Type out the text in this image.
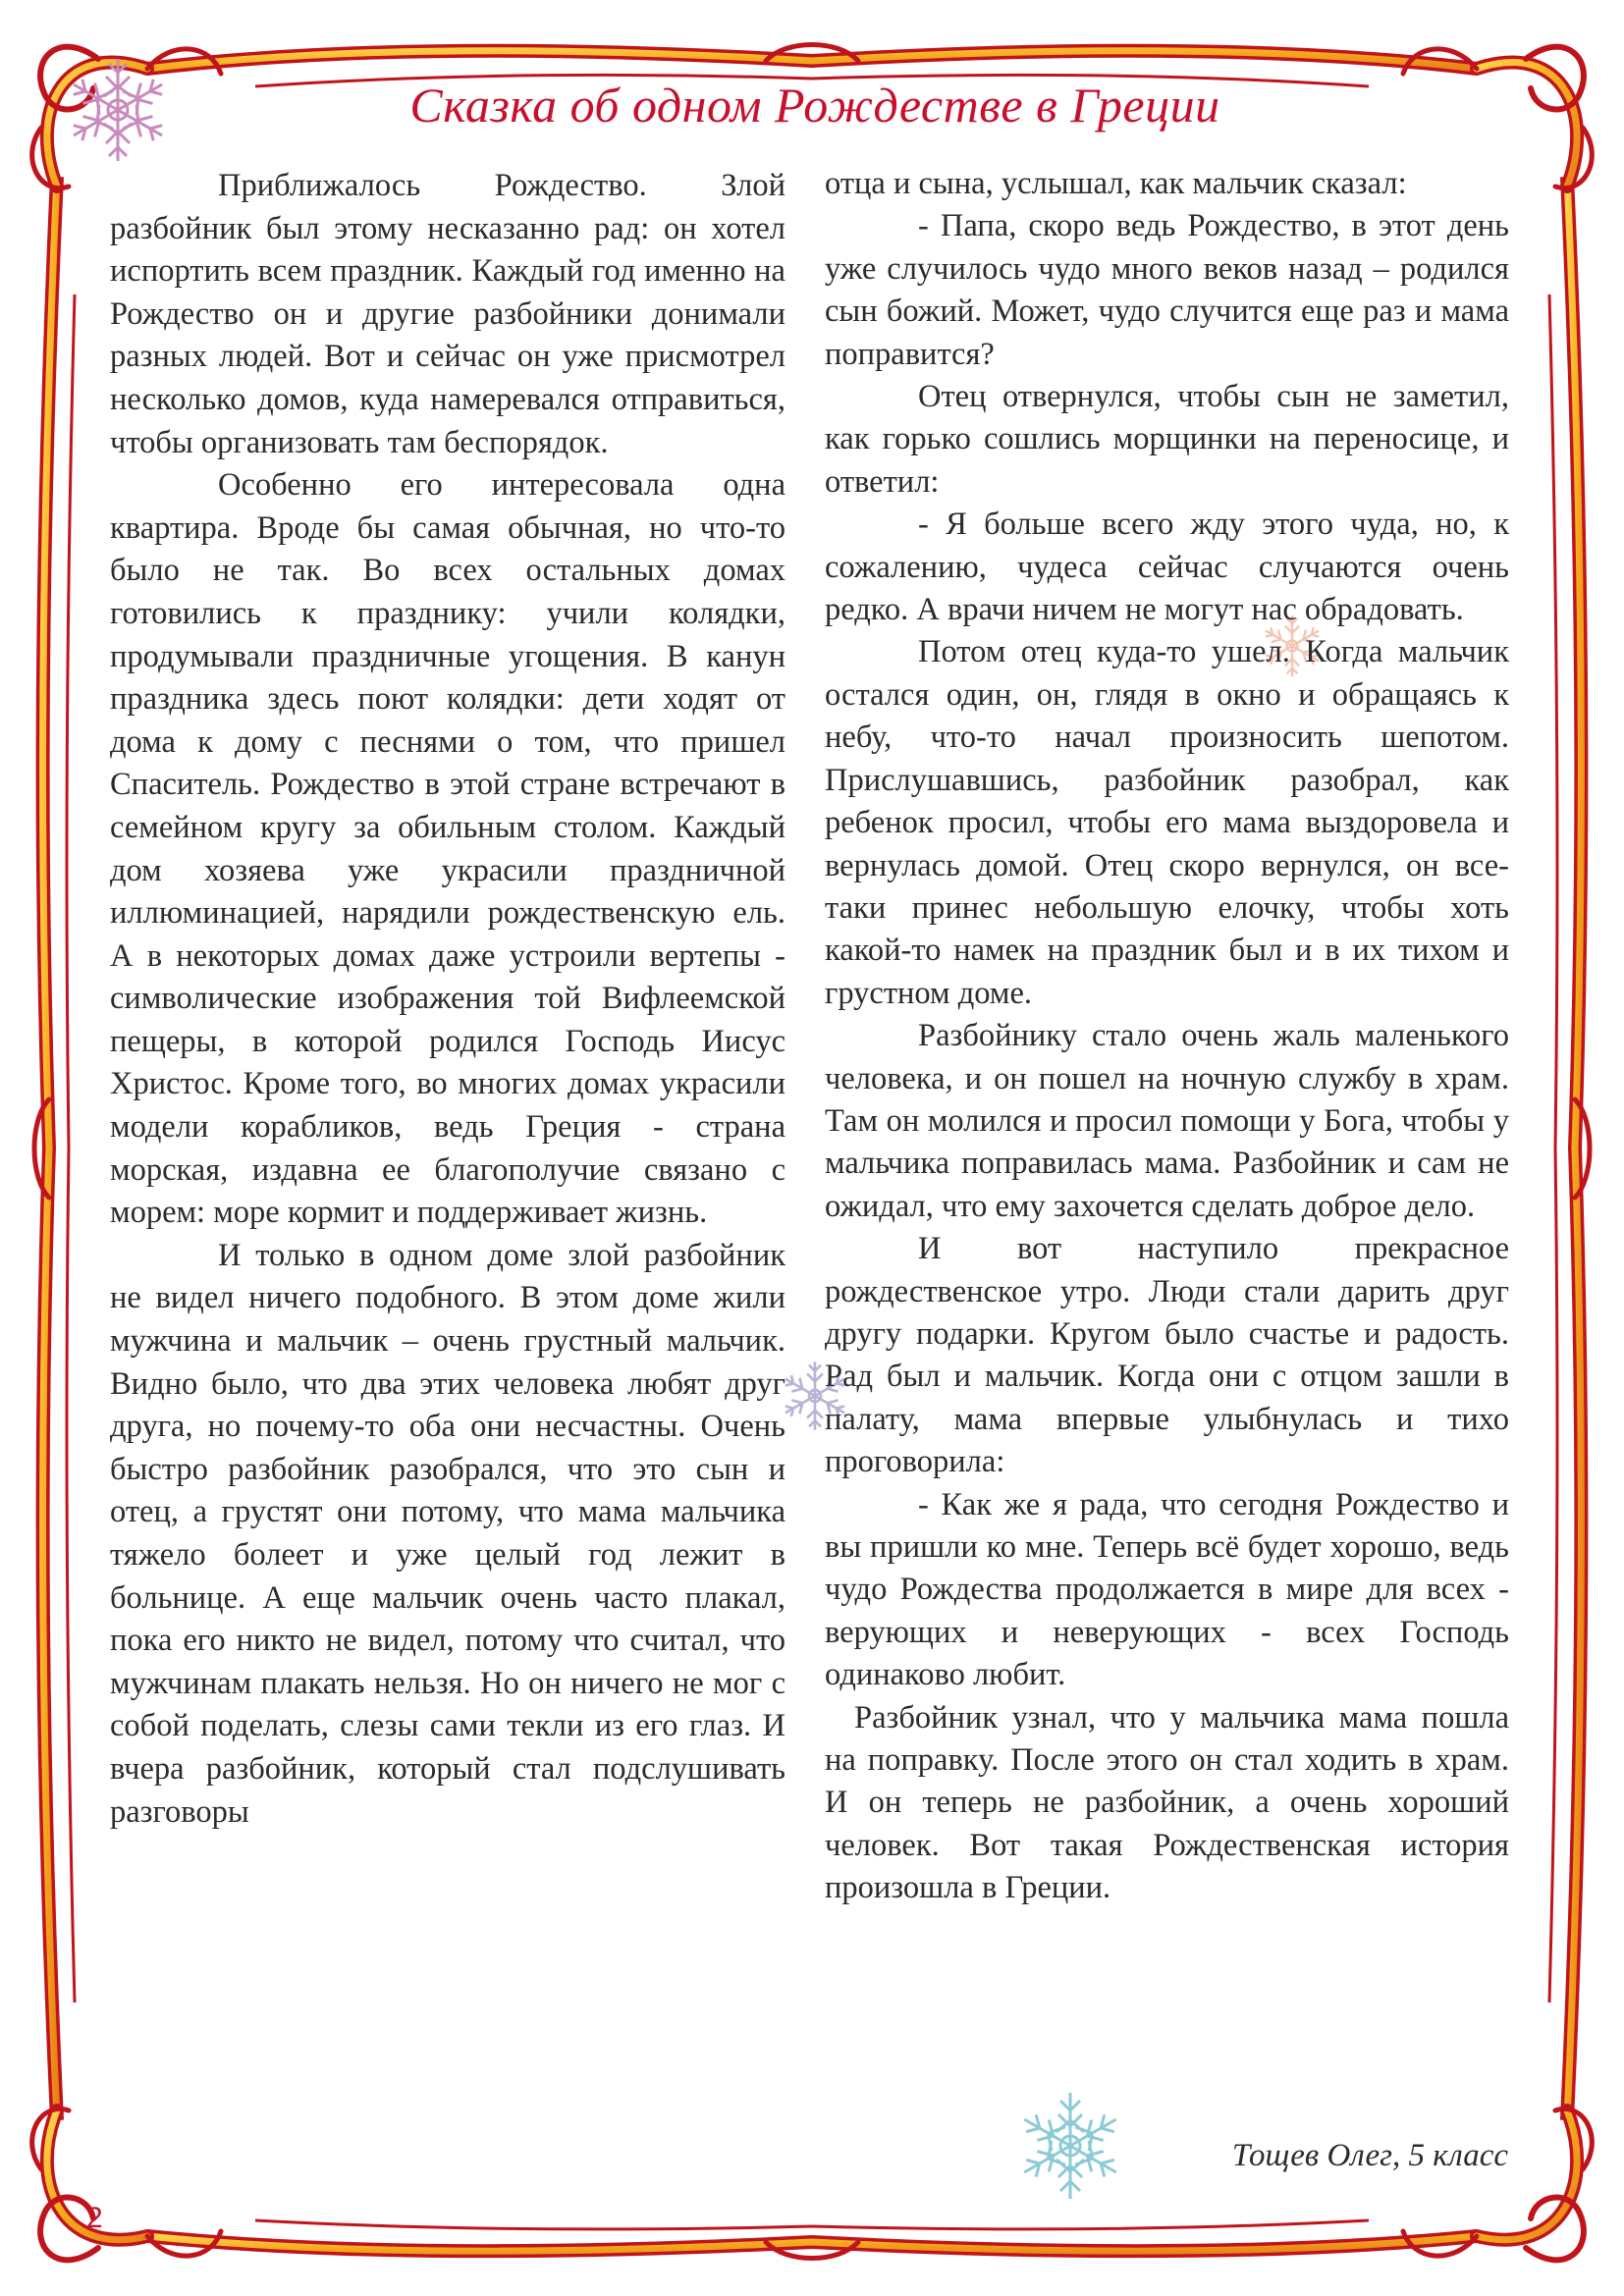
Сказка об одном Рождестве в Греции

Приближалось Рождество. Злой разбойник был этому несказанно рад: он хотел испортить всем праздник. Каждый год именно на Рождество он и другие разбойники донимали разных людей. Вот и сейчас он уже присмотрел несколько домов, куда намеревался отправиться, чтобы организовать там беспорядок.

Особенно его интересовала одна квартира. Вроде бы самая обычная, но что-то было не так. Во всех остальных домах готовились к празднику: учили колядки, продумывали праздничные угощения. В канун праздника здесь поют колядки: дети ходят от дома к дому с песнями о том, что пришел Спаситель. Рождество в этой стране встречают в семейном кругу за обильным столом. Каждый дом хозяева уже украсили праздничной иллюминацией, нарядили рождественскую ель. А в некоторых домах даже устроили вертепы - символические изображения той Вифлеемской пещеры, в которой родился Господь Иисус Христос. Кроме того, во многих домах украсили модели корабликов, ведь Греция - страна морская, издавна ее благополучие связано с морем: море кормит и поддерживает жизнь.

И только в одном доме злой разбойник не видел ничего подобного. В этом доме жили мужчина и мальчик – очень грустный мальчик. Видно было, что два этих человека любят друг друга, но почему-то оба они несчастны. Очень быстро разбойник разобрался, что это сын и отец, а грустят они потому, что мама мальчика тяжело болеет и уже целый год лежит в больнице. А еще мальчик очень часто плакал, пока его никто не видел, потому что считал, что мужчинам плакать нельзя. Но он ничего не мог с собой поделать, слезы сами текли из его глаз. И вчера разбойник, который стал подслушивать разговоры

отца и сына, услышал, как мальчик сказал:

- Папа, скоро ведь Рождество, в этот день уже случилось чудо много веков назад – родился сын божий. Может, чудо случится еще раз и мама поправится?

Отец отвернулся, чтобы сын не заметил, как горько сошлись морщинки на переносице, и ответил:

- Я больше всего жду этого чуда, но, к сожалению, чудеса сейчас случаются очень редко. А врачи ничем не могут нас обрадовать.

Потом отец куда-то ушел. Когда мальчик остался один, он, глядя в окно и обращаясь к небу, что-то начал произносить шепотом. Прислушавшись, разбойник разобрал, как ребенок просил, чтобы его мама выздоровела и вернулась домой. Отец скоро вернулся, он все-таки принес небольшую елочку, чтобы хоть какой-то намек на праздник был и в их тихом и грустном доме.

Разбойнику стало очень жаль маленького человека, и он пошел на ночную службу в храм. Там он молился и просил помощи у Бога, чтобы у мальчика поправилась мама. Разбойник и сам не ожидал, что ему захочется сделать доброе дело.

И вот наступило прекрасное рождественское утро. Люди стали дарить друг другу подарки. Кругом было счастье и радость. Рад был и мальчик. Когда они с отцом зашли в палату, мама впервые улыбнулась и тихо проговорила:

- Как же я рада, что сегодня Рождество и вы пришли ко мне. Теперь всё будет хорошо, ведь чудо Рождества продолжается в мире для всех - верующих и неверующих - всех Господь одинаково любит.

Разбойник узнал, что у мальчика мама пошла на поправку. После этого он стал ходить в храм. И он теперь не разбойник, а очень хороший человек. Вот такая Рождественская история произошла в Греции.

Тощев Олег, 5 класс
2
